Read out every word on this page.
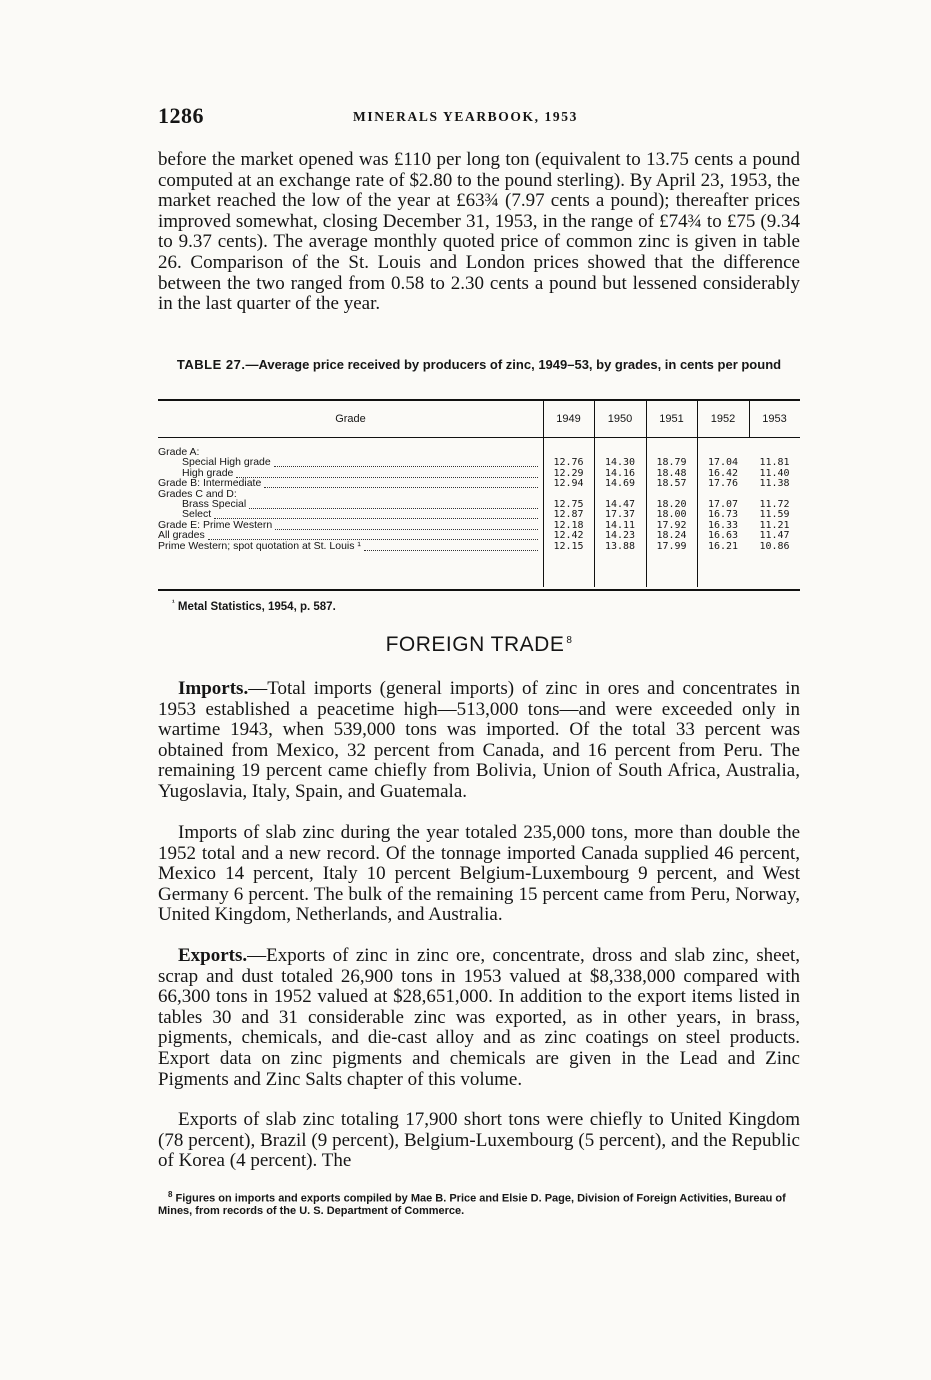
1286	MINERALS YEARBOOK, 1953

before the market opened was £110 per long ton (equivalent to 13.75 cents a pound computed at an exchange rate of $2.80 to the pound sterling). By April 23, 1953, the market reached the low of the year at £63¾ (7.97 cents a pound); thereafter prices improved somewhat, closing December 31, 1953, in the range of £74¾ to £75 (9.34 to 9.37 cents). The average monthly quoted price of common zinc is given in table 26. Comparison of the St. Louis and London prices showed that the difference between the two ranged from 0.58 to 2.30 cents a pound but lessened considerably in the last quarter of the year.

TABLE 27.—Average price received by producers of zinc, 1949–53, by grades, in cents per pound
Grade	1949	1950	1951	1952	1953
Grade A:
Special High grade	12.76	14.30	18.79	17.04	11.81
High grade	12.29	14.16	18.48	16.42	11.40
Grade B: Intermediate	12.94	14.69	18.57	17.76	11.38
Grades C and D:
Brass Special	12.75	14.47	18.20	17.07	11.72
Select	12.87	17.37	18.00	16.73	11.59
Grade E: Prime Western	12.18	14.11	17.92	16.33	11.21
All grades	12.42	14.23	18.24	16.63	11.47
Prime Western; spot quotation at St. Louis ¹	12.15	13.88	17.99	16.21	10.86
$^{^1}$ Metal Statistics, 1954, p. 587.
FOREIGN TRADE $^8$

Imports.—Total imports (general imports) of zinc in ores and concentrates in 1953 established a peacetime high—513,000 tons—and were exceeded only in wartime 1943, when 539,000 tons was imported. Of the total 33 percent was obtained from Mexico, 32 percent from Canada, and 16 percent from Peru. The remaining 19 percent came chiefly from Bolivia, Union of South Africa, Australia, Yugoslavia, Italy, Spain, and Guatemala.

Imports of slab zinc during the year totaled 235,000 tons, more than double the 1952 total and a new record. Of the tonnage imported Canada supplied 46 percent, Mexico 14 percent, Italy 10 percent Belgium-Luxembourg 9 percent, and West Germany 6 percent. The bulk of the remaining 15 percent came from Peru, Norway, United Kingdom, Netherlands, and Australia.

Exports.—Exports of zinc in zinc ore, concentrate, dross and slab zinc, sheet, scrap and dust totaled 26,900 tons in 1953 valued at $8,338,000 compared with 66,300 tons in 1952 valued at $28,651,000. In addition to the export items listed in tables 30 and 31 considerable zinc was exported, as in other years, in brass, pigments, chemicals, and die-cast alloy and as zinc coatings on steel products. Export data on zinc pigments and chemicals are given in the Lead and Zinc Pigments and Zinc Salts chapter of this volume.

Exports of slab zinc totaling 17,900 short tons were chiefly to United Kingdom (78 percent), Brazil (9 percent), Belgium-Luxembourg (5 percent), and the Republic of Korea (4 percent). The

$^8$ Figures on imports and exports compiled by Mae B. Price and Elsie D. Page, Division of Foreign Activities, Bureau of Mines, from records of the U. S. Department of Commerce.
